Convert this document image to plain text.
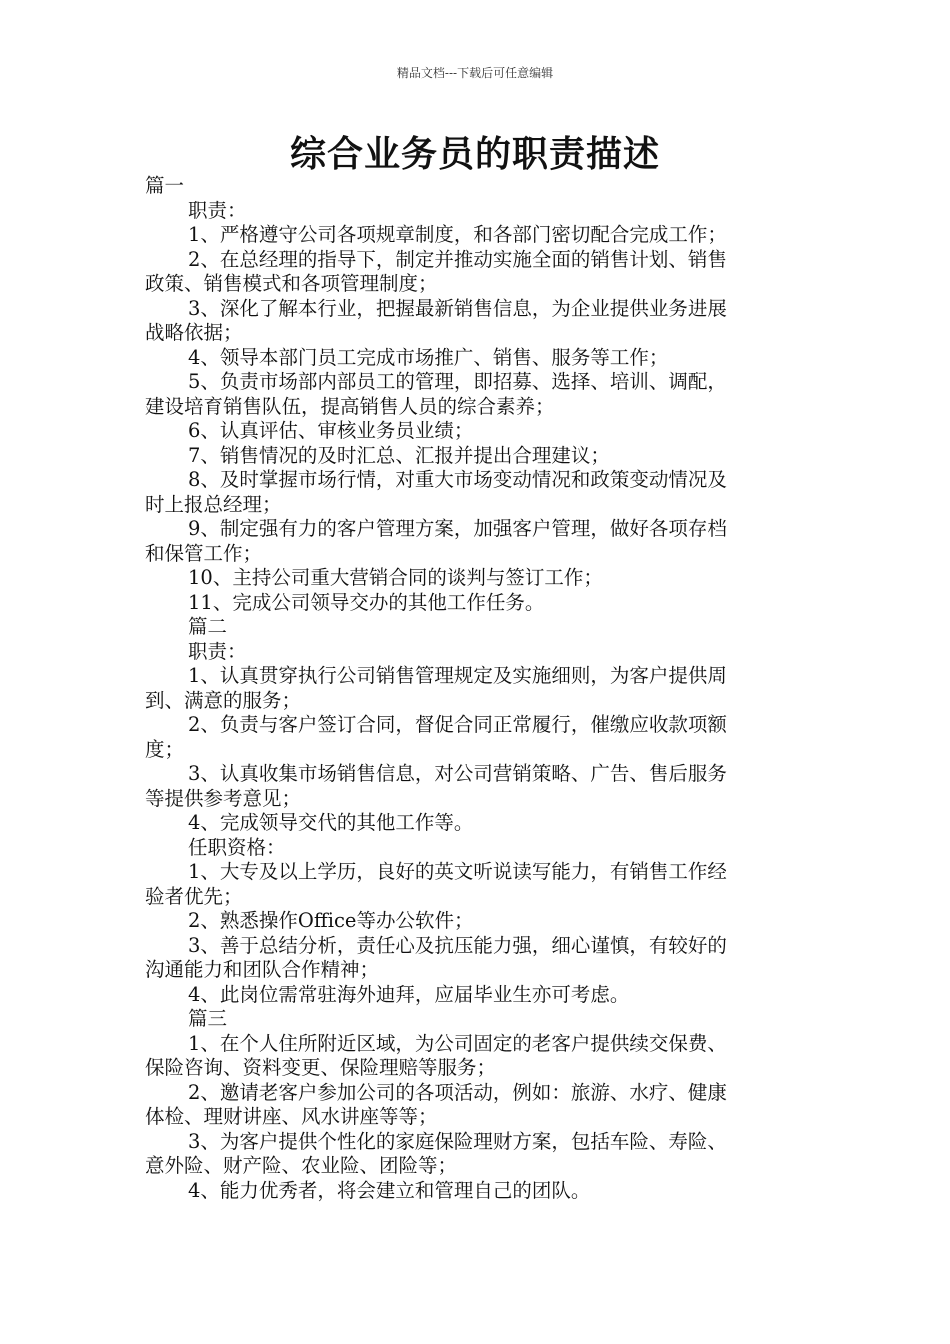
精品文档---下载后可任意编辑
综合业务员的职责描述
篇一
职责：
1、严格遵守公司各项规章制度，和各部门密切配合完成工作；
2、在总经理的指导下，制定并推动实施全面的销售计划、销售
政策、销售模式和各项管理制度；
3、深化了解本行业，把握最新销售信息，为企业提供业务进展
战略依据；
4、领导本部门员工完成市场推广、销售、服务等工作；
5、负责市场部内部员工的管理，即招募、选择、培训、调配，
建设培育销售队伍，提高销售人员的综合素养；
6、认真评估、审核业务员业绩；
7、销售情况的及时汇总、汇报并提出合理建议；
8、及时掌握市场行情，对重大市场变动情况和政策变动情况及
时上报总经理；
9、制定强有力的客户管理方案，加强客户管理，做好各项存档
和保管工作；
10、主持公司重大营销合同的谈判与签订工作；
11、完成公司领导交办的其他工作任务。
篇二
职责：
1、认真贯穿执行公司销售管理规定及实施细则，为客户提供周
到、满意的服务；
2、负责与客户签订合同，督促合同正常履行，催缴应收款项额
度；
3、认真收集市场销售信息，对公司营销策略、广告、售后服务
等提供参考意见；
4、完成领导交代的其他工作等。
任职资格：
1、大专及以上学历，良好的英文听说读写能力，有销售工作经
验者优先；
2、熟悉操作Office等办公软件；
3、善于总结分析，责任心及抗压能力强，细心谨慎，有较好的
沟通能力和团队合作精神；
4、此岗位需常驻海外迪拜，应届毕业生亦可考虑。
篇三
1、在个人住所附近区域，为公司固定的老客户提供续交保费、
保险咨询、资料变更、保险理赔等服务；
2、邀请老客户参加公司的各项活动，例如：旅游、水疗、健康
体检、理财讲座、风水讲座等等；
3、为客户提供个性化的家庭保险理财方案，包括车险、寿险、
意外险、财产险、农业险、团险等；
4、能力优秀者，将会建立和管理自己的团队。
